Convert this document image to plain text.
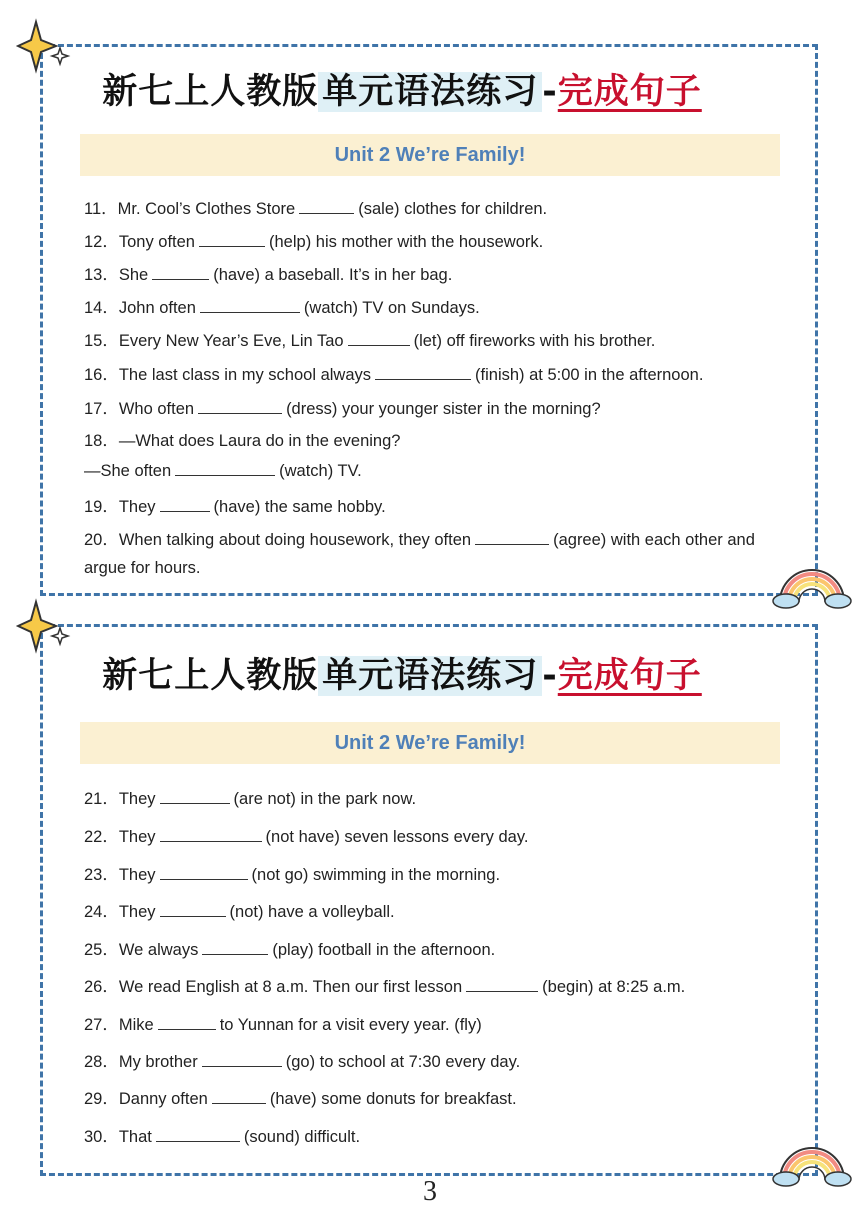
新七上人教版 单元语法练习 -完成句子
Unit 2 We’re Family!
11．Mr. Cool’s Clothes Store	(sale) clothes for children.
12．Tony often	(help) his mother with the housework.
13．She	(have) a baseball. It’s in her bag.
14．John often	(watch) TV on Sundays.
15．Every New Year’s Eve, Lin Tao	(let) off fireworks with his brother.
16．The last class in my school always	(finish) at 5:00 in the afternoon.
17．Who often	(dress) your younger sister in the morning?
18．—What does Laura do in the evening?
—She often	(watch) TV.
19．They	(have) the same hobby.
20．When talking about doing housework, they often	(agree) with each other and argue for hours.
新七上人教版 单元语法练习 -完成句子
Unit 2 We’re Family!
21．They	(are not) in the park now.
22．They	(not have) seven lessons every day.
23．They	(not go) swimming in the morning.
24．They	(not) have a volleyball.
25．We always	(play) football in the afternoon.
26．We read English at 8 a.m. Then our first lesson	(begin) at 8:25 a.m.
27．Mike	to Yunnan for a visit every year. (fly)
28．My brother	(go) to school at 7:30 every day.
29．Danny often	(have) some donuts for breakfast.
30．That	(sound) difficult.
3
